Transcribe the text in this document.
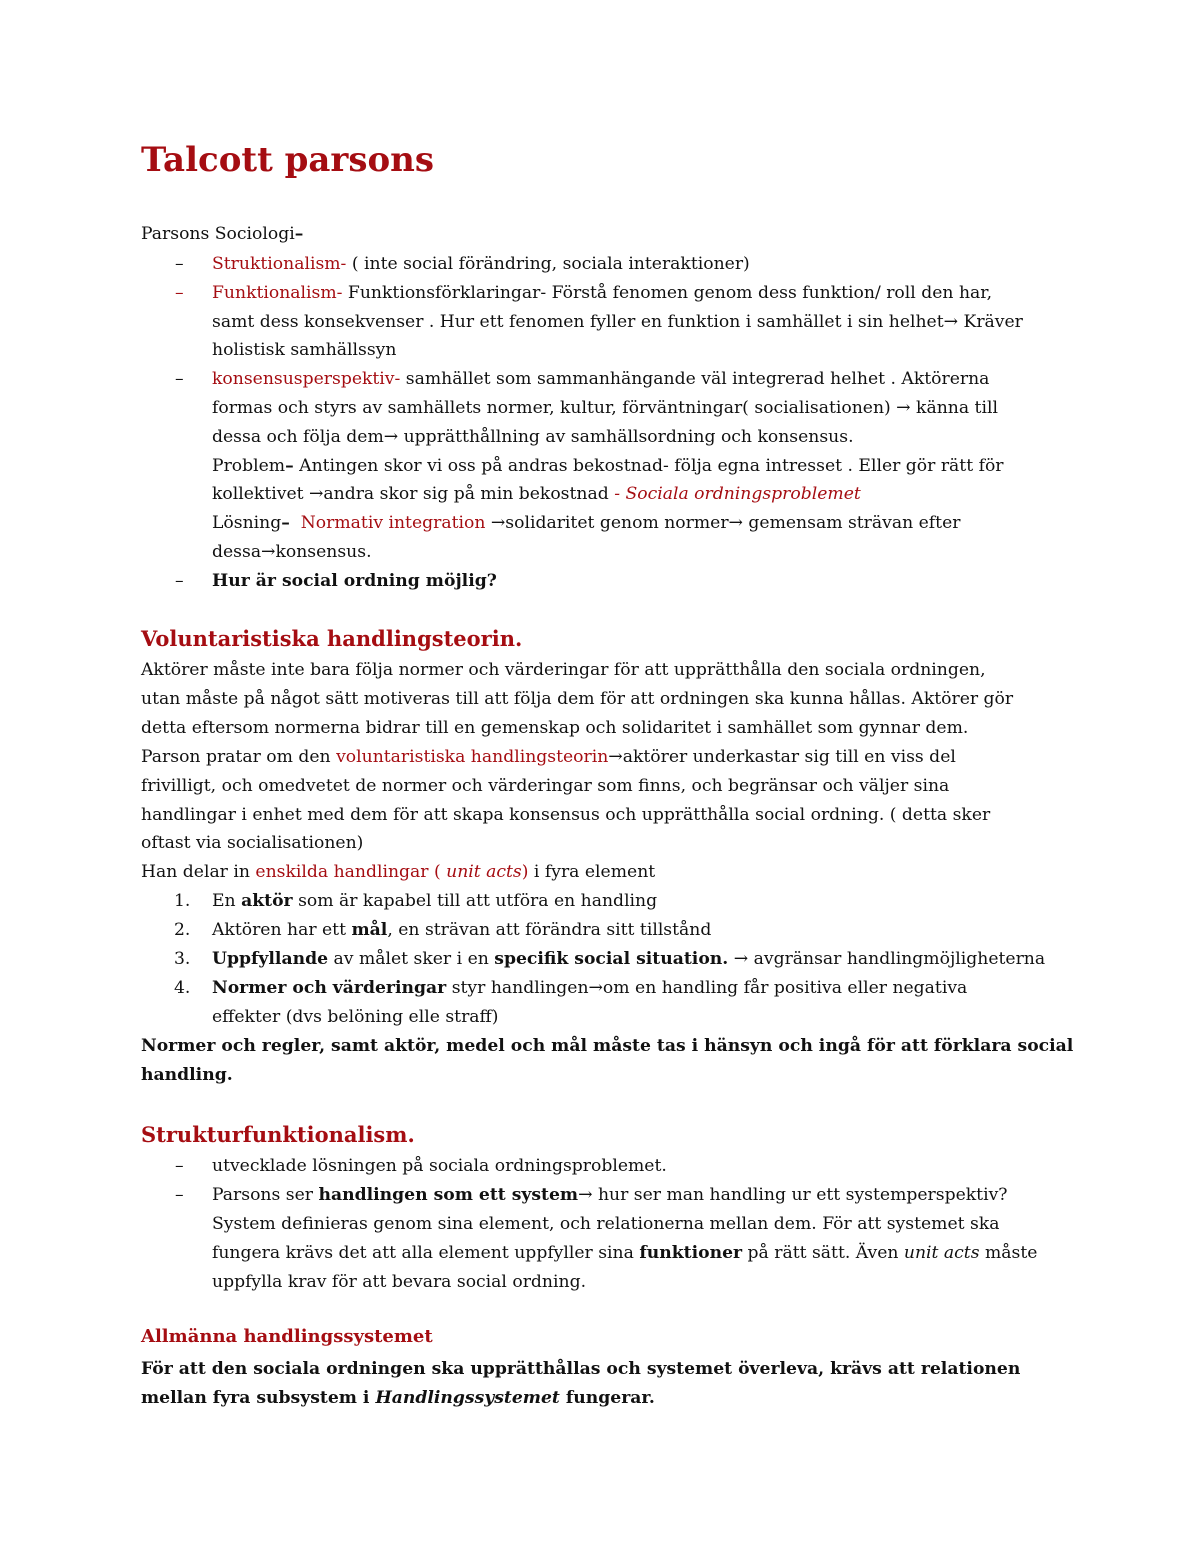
Talcott parsons
Parsons Sociologi–
– Struktionalism- ( inte social förändring, sociala interaktioner)
– Funktionalism- Funktionsförklaringar- Förstå fenomen genom dess funktion/ roll den har,
samt dess konsekvenser . Hur ett fenomen fyller en funktion i samhället i sin helhet→ Kräver
holistisk samhällssyn
– konsensusperspektiv- samhället som sammanhängande väl integrerad helhet . Aktörerna
formas och styrs av samhällets normer, kultur, förväntningar( socialisationen) → känna till
dessa och följa dem→ upprätthållning av samhällsordning och konsensus.
Problem– Antingen skor vi oss på andras bekostnad- följa egna intresset . Eller gör rätt för
kollektivet →andra skor sig på min bekostnad - Sociala ordningsproblemet
Lösning– Normativ integration →solidaritet genom normer→ gemensam strävan efter
dessa→konsensus.
– Hur är social ordning möjlig?
Voluntaristiska handlingsteorin.
Aktörer måste inte bara följa normer och värderingar för att upprätthålla den sociala ordningen,
utan måste på något sätt motiveras till att följa dem för att ordningen ska kunna hållas. Aktörer gör
detta eftersom normerna bidrar till en gemenskap och solidaritet i samhället som gynnar dem.
Parson pratar om den voluntaristiska handlingsteorin→aktörer underkastar sig till en viss del
frivilligt, och omedvetet de normer och värderingar som finns, och begränsar och väljer sina
handlingar i enhet med dem för att skapa konsensus och upprätthålla social ordning. ( detta sker
oftast via socialisationen)
Han delar in enskilda handlingar ( unit acts) i fyra element
1. En aktör som är kapabel till att utföra en handling
2. Aktören har ett mål, en strävan att förändra sitt tillstånd
3. Uppfyllande av målet sker i en specifik social situation. → avgränsar handlingmöjligheterna
4. Normer och värderingar styr handlingen→om en handling får positiva eller negativa
effekter (dvs belöning elle straff)
Normer och regler, samt aktör, medel och mål måste tas i hänsyn och ingå för att förklara social
handling.
Strukturfunktionalism.
– utvecklade lösningen på sociala ordningsproblemet.
– Parsons ser handlingen som ett system→ hur ser man handling ur ett systemperspektiv?
System definieras genom sina element, och relationerna mellan dem. För att systemet ska
fungera krävs det att alla element uppfyller sina funktioner på rätt sätt. Även unit acts måste
uppfylla krav för att bevara social ordning.
Allmänna handlingssystemet
För att den sociala ordningen ska upprätthållas och systemet överleva, krävs att relationen
mellan fyra subsystem i Handlingssystemet fungerar.
